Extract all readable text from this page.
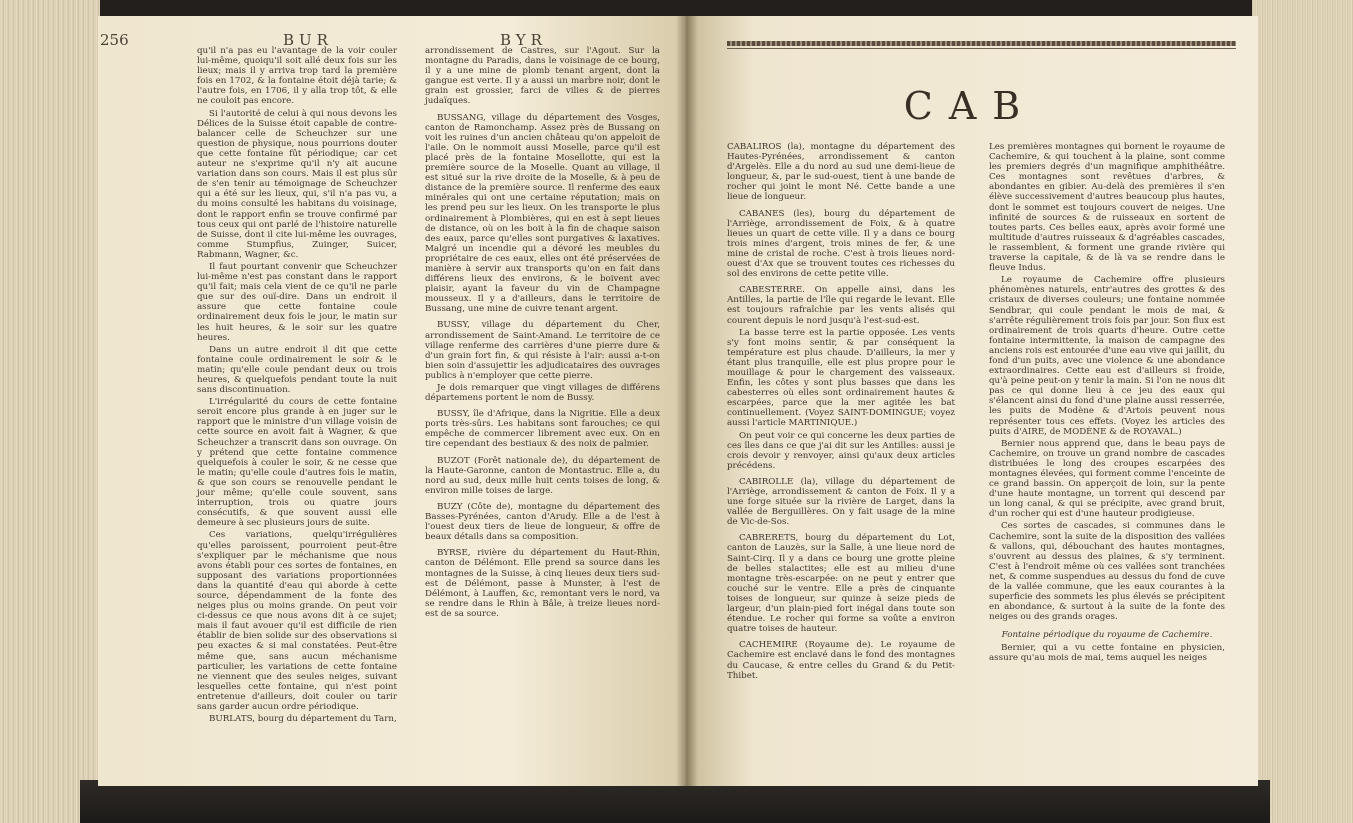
256	BUR	BYR

qu'il n'a pas eu l'avantage de la voir couler lui-même, quoiqu'il soit allé deux fois sur les lieux; mais il y arriva trop tard la première fois en 1702, & la fontaine étoit déjà tarie; & l'autre fois, en 1706, il y alla trop tôt, & elle ne couloit pas encore.

Si l'autorité de celui à qui nous devons les Délices de la Suisse étoit capable de contre-balancer celle de Scheuchzer sur une question de physique, nous pourrions douter que cette fontaine fût périodique; car cet auteur ne s'exprime qu'il n'y ait aucune variation dans son cours. Mais il est plus sûr de s'en tenir au témoignage de Scheuchzer qui a été sur les lieux, qui, s'il n'a pas vu, a du moins consulté les habitans du voisinage, dont le rapport enfin se trouve confirmé par tous ceux qui ont parlé de l'histoire naturelle de Suisse, dont il cite lui-même les ouvrages, comme Stumpfius, Zuinger, Suicer, Rabmann, Wagner, &c.

Il faut pourtant convenir que Scheuchzer lui-même n'est pas constant dans le rapport qu'il fait; mais cela vient de ce qu'il ne parle que sur des ouï-dire. Dans un endroit il assure que cette fontaine coule ordinairement deux fois le jour, le matin sur les huit heures, & le soir sur les quatre heures.

Dans un autre endroit il dit que cette fontaine coule ordinairement le soir & le matin; qu'elle coule pendant deux ou trois heures, & quelquefois pendant toute la nuit sans discontinuation.

L'irrégularité du cours de cette fontaine seroit encore plus grande à en juger sur le rapport que le ministre d'un village voisin de cette source en avoit fait à Wagner, & que Scheuchzer a transcrit dans son ouvrage. On y prétend que cette fontaine commence quelquefois à couler le soir, & ne cesse que le matin; qu'elle coule d'autres fois le matin, & que son cours se renouvelle pendant le jour même; qu'elle coule souvent, sans interruption, trois ou quatre jours consécutifs, & que souvent aussi elle demeure à sec plusieurs jours de suite.

Ces variations, quelqu'irrégulières qu'elles paroissent, pourroient peut-être s'expliquer par le méchanisme que nous avons établi pour ces sortes de fontaines, en supposant des variations proportionnées dans la quantité d'eau qui aborde à cette source, dépendamment de la fonte des neiges plus ou moins grande. On peut voir ci-dessus ce que nous avons dit à ce sujet; mais il faut avouer qu'il est difficile de rien établir de bien solide sur des observations si peu exactes & si mal constatées. Peut-être même que, sans aucun méchanisme particulier, les variations de cette fontaine ne viennent que des seules neiges, suivant lesquelles cette fontaine, qui n'est point entretenue d'ailleurs, doit couler ou tarir sans garder aucun ordre périodique.

BURLATS, bourg du département du Tarn,

arrondissement de Castres, sur l'Agout. Sur la montagne du Paradis, dans le voisinage de ce bourg, il y a une mine de plomb tenant argent, dont la gangue est verte. Il y a aussi un marbre noir, dont le grain est grossier, farci de vilies & de pierres judaïques.

BUSSANG, village du département des Vosges, canton de Ramonchamp. Assez près de Bussang on voit les ruines d'un ancien château qu'on appeloit de l'aile. On le nommoit aussi Moselle, parce qu'il est placé près de la fontaine Mosellotte, qui est la première source de la Moselle. Quant au village, il est situé sur la rive droite de la Moselle, & à peu de distance de la première source. Il renferme des eaux minérales qui ont une certaine réputation; mais on les prend peu sur les lieux. On les transporte le plus ordinairement à Plombières, qui en est à sept lieues de distance, où on les boit à la fin de chaque saison des eaux, parce qu'elles sont purgatives & laxatives. Malgré un incendie qui a dévoré les meubles du propriétaire de ces eaux, elles ont été préservées de manière à servir aux transports qu'on en fait dans différens lieux des environs, & le boivent avec plaisir, ayant la faveur du vin de Champagne mousseux. Il y a d'ailleurs, dans le territoire de Bussang, une mine de cuivre tenant argent.

BUSSY, village du département du Cher, arrondissement de Saint-Amand. Le territoire de ce village renferme des carrières d'une pierre dure & d'un grain fort fin, & qui résiste à l'air: aussi a-t-on bien soin d'assujettir les adjudicataires des ouvrages publics à n'employer que cette pierre.

Je dois remarquer que vingt villages de différens départemens portent le nom de Bussy.

BUSSY, île d'Afrique, dans la Nigritie. Elle a deux ports très-sûrs. Les habitans sont farouches; ce qui empêche de commercer librement avec eux. On en tire cependant des bestiaux & des noix de palmier.

BUZOT (Forêt nationale de), du département de la Haute-Garonne, canton de Montastruc. Elle a, du nord au sud, deux mille huit cents toises de long, & environ mille toises de large.

BUZY (Côte de), montagne du département des Basses-Pyrénées, canton d'Arudy. Elle a de l'est à l'ouest deux tiers de lieue de longueur, & offre de beaux détails dans sa composition.

BYRSE, rivière du département du Haut-Rhin, canton de Délémont. Elle prend sa source dans les montagnes de la Suisse, à cinq lieues deux tiers sud-est de Délémont, passe à Munster, à l'est de Délémont, à Lauffen, &c, remontant vers le nord, va se rendre dans le Rhin à Bâle, à treize lieues nord-est de sa source.

CAB

CABALIROS (la), montagne du département des Hautes-Pyrénées, arrondissement & canton d'Argelès. Elle a du nord au sud une demi-lieue de longueur, &, par le sud-ouest, tient à une bande de rocher qui joint le mont Né. Cette bande a une lieue de longueur.

CABANES (les), bourg du département de l'Arriège, arrondissement de Foix, & à quatre lieues un quart de cette ville. Il y a dans ce bourg trois mines d'argent, trois mines de fer, & une mine de cristal de roche. C'est à trois lieues nord-ouest d'Ax que se trouvent toutes ces richesses du sol des environs de cette petite ville.

CABESTERRE. On appelle ainsi, dans les Antilles, la partie de l'île qui regarde le levant. Elle est toujours rafraîchie par les vents alisés qui courent depuis le nord jusqu'à l'est-sud-est.

La basse terre est la partie opposée. Les vents s'y font moins sentir, & par conséquent la température est plus chaude. D'ailleurs, la mer y étant plus tranquille, elle est plus propre pour le mouillage & pour le chargement des vaisseaux. Enfin, les côtes y sont plus basses que dans les cabesterres où elles sont ordinairement hautes & escarpées, parce que la mer agitée les bat continuellement. (Voyez SAINT-DOMINGUE; voyez aussi l'article MARTINIQUE.)

On peut voir ce qui concerne les deux parties de ces îles dans ce que j'ai dit sur les Antilles: aussi je crois devoir y renvoyer, ainsi qu'aux deux articles précédens.

CABIROLLE (la), village du département de l'Arriège, arrondissement & canton de Foix. Il y a une forge située sur la rivière de Larget, dans la vallée de Berguillères. On y fait usage de la mine de Vic-de-Sos.

CABRERETS, bourg du département du Lot, canton de Lauzès, sur la Salle, à une lieue nord de Saint-Cirq. Il y a dans ce bourg une grotte pleine de belles stalactites; elle est au milieu d'une montagne très-escarpée: on ne peut y entrer que couché sur le ventre. Elle a près de cinquante toises de longueur, sur quinze à seize pieds de largeur, d'un plain-pied fort inégal dans toute son étendue. Le rocher qui forme sa voûte a environ quatre toises de hauteur.

CACHEMIRE (Royaume de). Le royaume de Cachemire est enclavé dans le fond des montagnes du Caucase, & entre celles du Grand & du Petit-Thibet.

Les premières montagnes qui bornent le royaume de Cachemire, & qui touchent à la plaine, sont comme les premiers degrés d'un magnifique amphithéâtre. Ces montagnes sont revêtues d'arbres, & abondantes en gibier. Au-delà des premières il s'en élève successivement d'autres beaucoup plus hautes, dont le sommet est toujours couvert de neiges. Une infinité de sources & de ruisseaux en sortent de toutes parts. Ces belles eaux, après avoir formé une multitude d'autres ruisseaux & d'agréables cascades, le rassemblent, & forment une grande rivière qui traverse la capitale, & de là va se rendre dans le fleuve Indus.

Le royaume de Cachemire offre plusieurs phénomènes naturels, entr'autres des grottes & des cristaux de diverses couleurs; une fontaine nommée Sendbrar, qui coule pendant le mois de mai, & s'arrête régulièrement trois fois par jour. Son flux est ordinairement de trois quarts d'heure. Outre cette fontaine intermittente, la maison de campagne des anciens rois est entourée d'une eau vive qui jaillit, du fond d'un puits, avec une violence & une abondance extraordinaires. Cette eau est d'ailleurs si froide, qu'à peine peut-on y tenir la main. Si l'on ne nous dit pas ce qui donne lieu à ce jeu des eaux qui s'élancent ainsi du fond d'une plaine aussi resserrée, les puits de Modène & d'Artois peuvent nous représenter tous ces effets. (Voyez les articles des puits d'AIRE, de MODÈNE & de ROYAVAL.)

Bernier nous apprend que, dans le beau pays de Cachemire, on trouve un grand nombre de cascades distribuées le long des croupes escarpées des montagnes élevées, qui forment comme l'enceinte de ce grand bassin. On apperçoit de loin, sur la pente d'une haute montagne, un torrent qui descend par un long canal, & qui se précipite, avec grand bruit, d'un rocher qui est d'une hauteur prodigieuse.

Ces sortes de cascades, si communes dans le Cachemire, sont la suite de la disposition des vallées & vallons, qui, débouchant des hautes montagnes, s'ouvrent au dessus des plaines, & s'y terminent. C'est à l'endroit même où ces vallées sont tranchées net, & comme suspendues au dessus du fond de cuve de la vallée commune, que les eaux courantes à la superficie des sommets les plus élevés se précipitent en abondance, & surtout à la suite de la fonte des neiges ou des grands orages.

Fontaine périodique du royaume de Cachemire.

Bernier, qui a vu cette fontaine en physicien, assure qu'au mois de mai, tems auquel les neiges
